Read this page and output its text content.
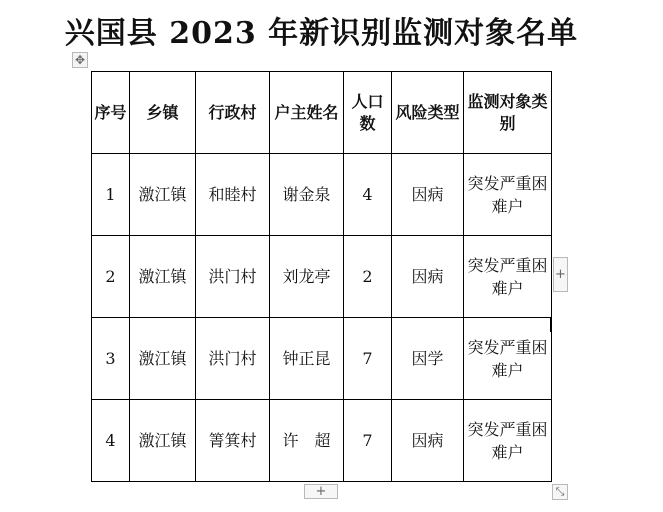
兴国县 2023 年新识别监测对象名单
✥
序号	乡镇	行政村	户主姓名	人口数	风险类型	监测对象类别
1	激江镇	和睦村	谢金泉	4	因病	突发严重困难户
2	激江镇	洪门村	刘龙亭	2	因病	突发严重困难户
3	激江镇	洪门村	钟正昆	7	因学	突发严重困难户
4	激江镇	箐箕村	许　超	7	因病	突发严重困难户
+
+	⤡
